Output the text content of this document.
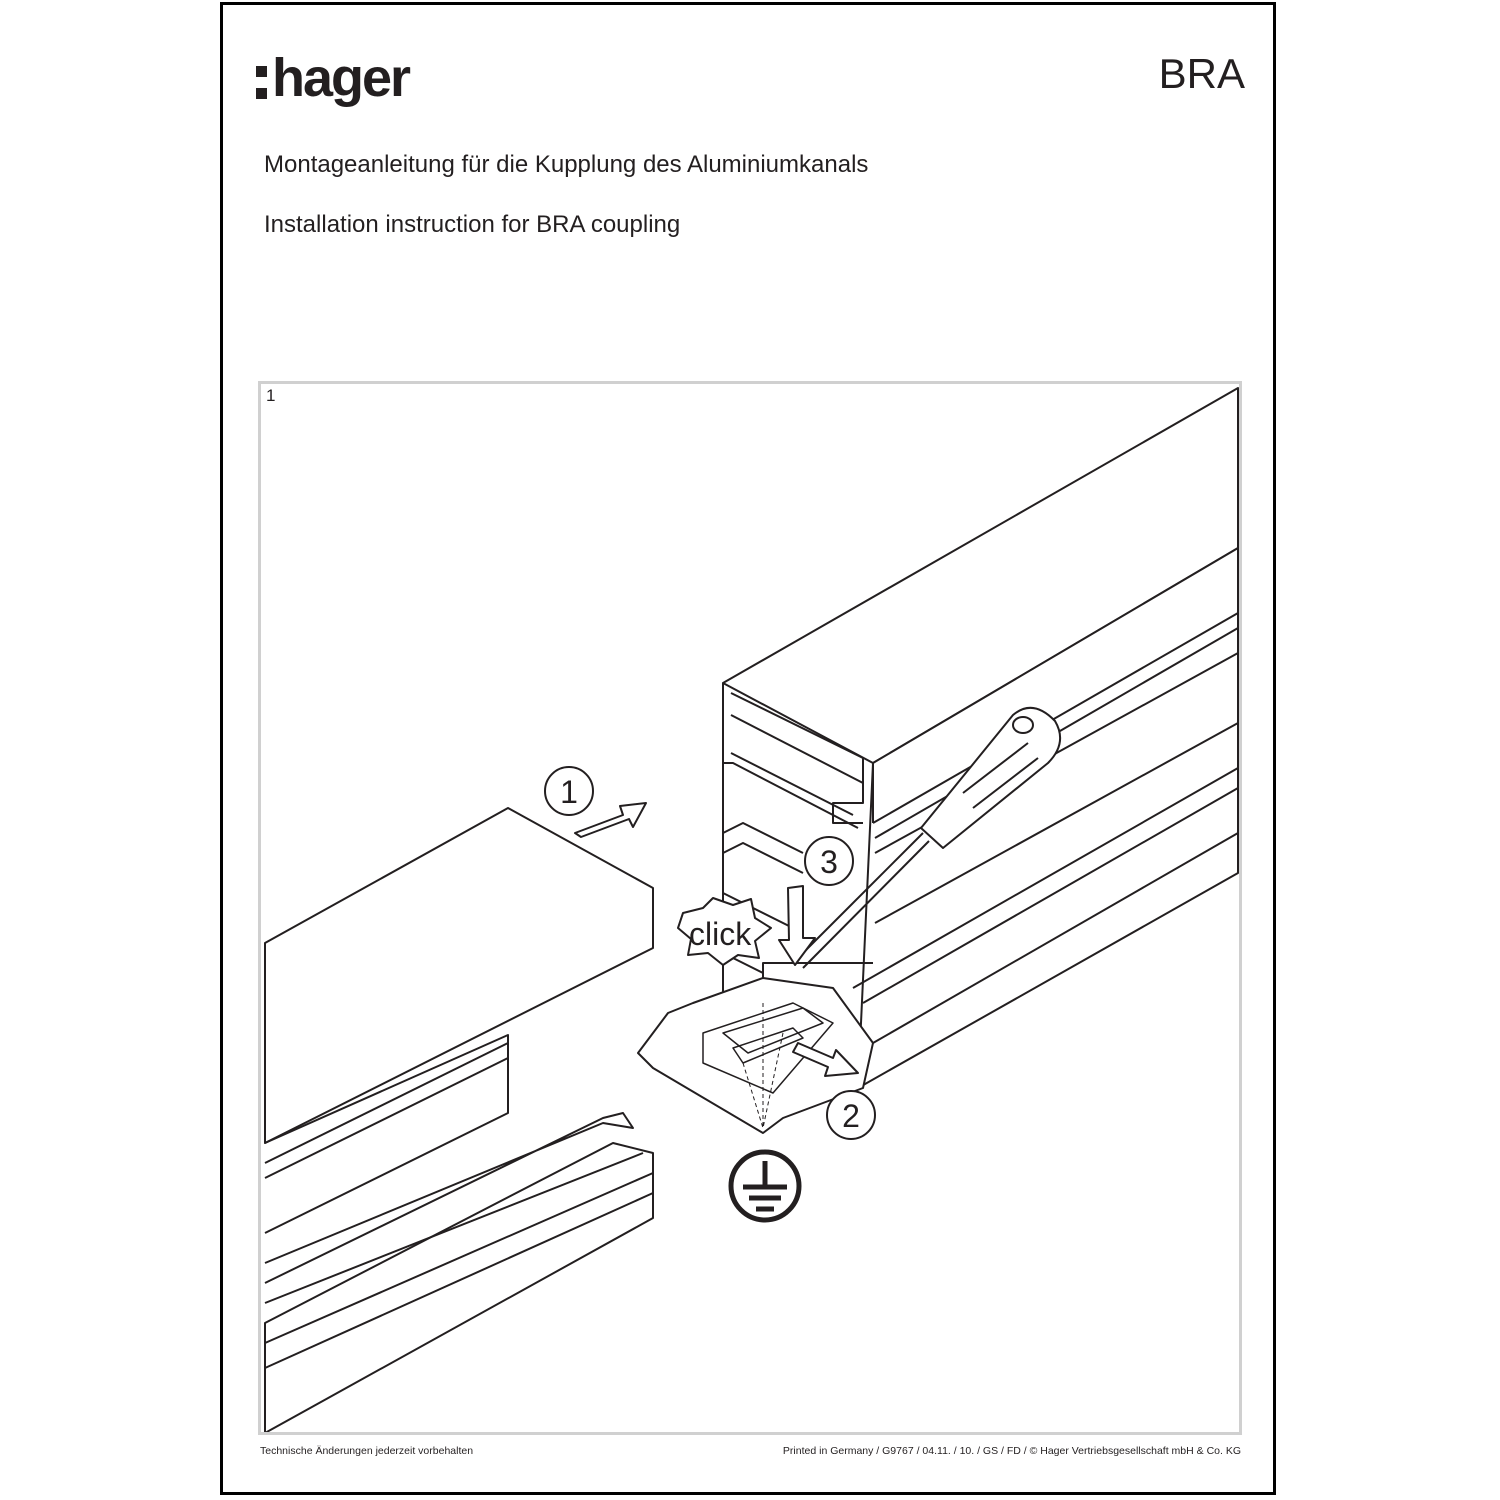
hager	BRA
Montageanleitung für die Kupplung des Aluminiumkanals
Installation instruction for BRA coupling
click
1
3
2
1
Technische Änderungen jederzeit vorbehalten	Printed in Germany / G9767 / 04.11. / 10. / GS / FD / © Hager Vertriebsgesellschaft mbH & Co. KG
